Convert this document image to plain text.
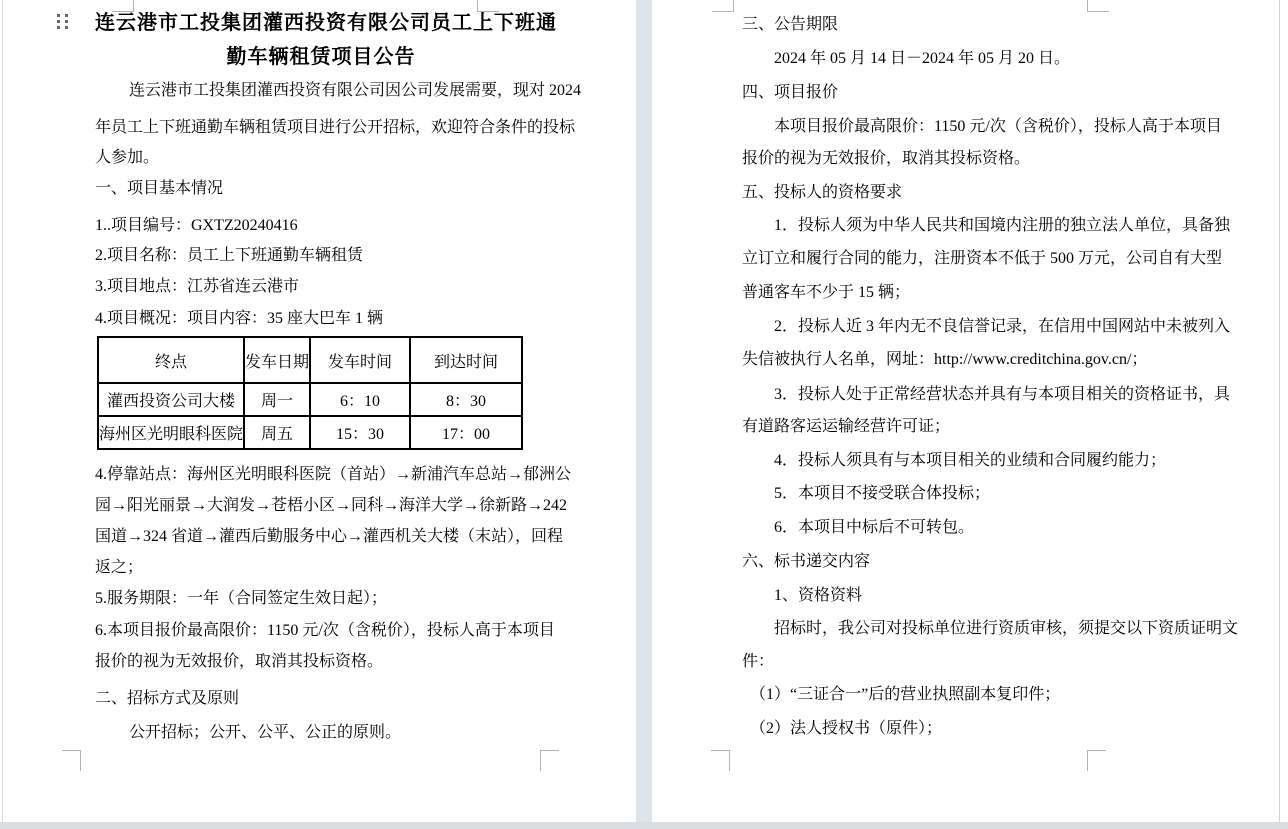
连云港市工投集团灌西投资有限公司员工上下班通
勤车辆租赁项目公告
连云港市工投集团灌西投资有限公司因公司发展需要，现对 2024
年员工上下班通勤车辆租赁项目进行公开招标，欢迎符合条件的投标
人参加。
一、项目基本情况
1..项目编号：GXTZ20240416
2.项目名称：员工上下班通勤车辆租赁
3.项目地点：江苏省连云港市
4.项目概况：项目内容：35 座大巴车 1 辆
终点	发车日期	发车时间	到达时间
灌西投资公司大楼	周一	6：10	8：30
海州区光明眼科医院	周五	15：30	17：00
4.停靠站点：海州区光明眼科医院（首站）→新浦汽车总站→郁洲公
园→阳光丽景→大润发→苍梧小区→同科→海洋大学→徐新路→242
国道→324 省道→灌西后勤服务中心→灌西机关大楼（末站），回程
返之；
5.服务期限：一年（合同签定生效日起）；
6.本项目报价最高限价：1150 元/次（含税价），投标人高于本项目
报价的视为无效报价，取消其投标资格。
二、招标方式及原则
公开招标；公开、公平、公正的原则。
三、公告期限
2024 年 05 月 14 日－2024 年 05 月 20 日。
四、项目报价
本项目报价最高限价：1150 元/次（含税价），投标人高于本项目
报价的视为无效报价，取消其投标资格。
五、投标人的资格要求
1．投标人须为中华人民共和国境内注册的独立法人单位，具备独
立订立和履行合同的能力，注册资本不低于 500 万元，公司自有大型
普通客车不少于 15 辆；
2．投标人近 3 年内无不良信誉记录，在信用中国网站中未被列入
失信被执行人名单，网址：http://www.creditchina.gov.cn/；
3．投标人处于正常经营状态并具有与本项目相关的资格证书，具
有道路客运运输经营许可证；
4．投标人须具有与本项目相关的业绩和合同履约能力；
5．本项目不接受联合体投标；
6．本项目中标后不可转包。
六、标书递交内容
1、资格资料
招标时，我公司对投标单位进行资质审核，须提交以下资质证明文
件：
（1）“三证合一”后的营业执照副本复印件；
（2）法人授权书（原件）；
